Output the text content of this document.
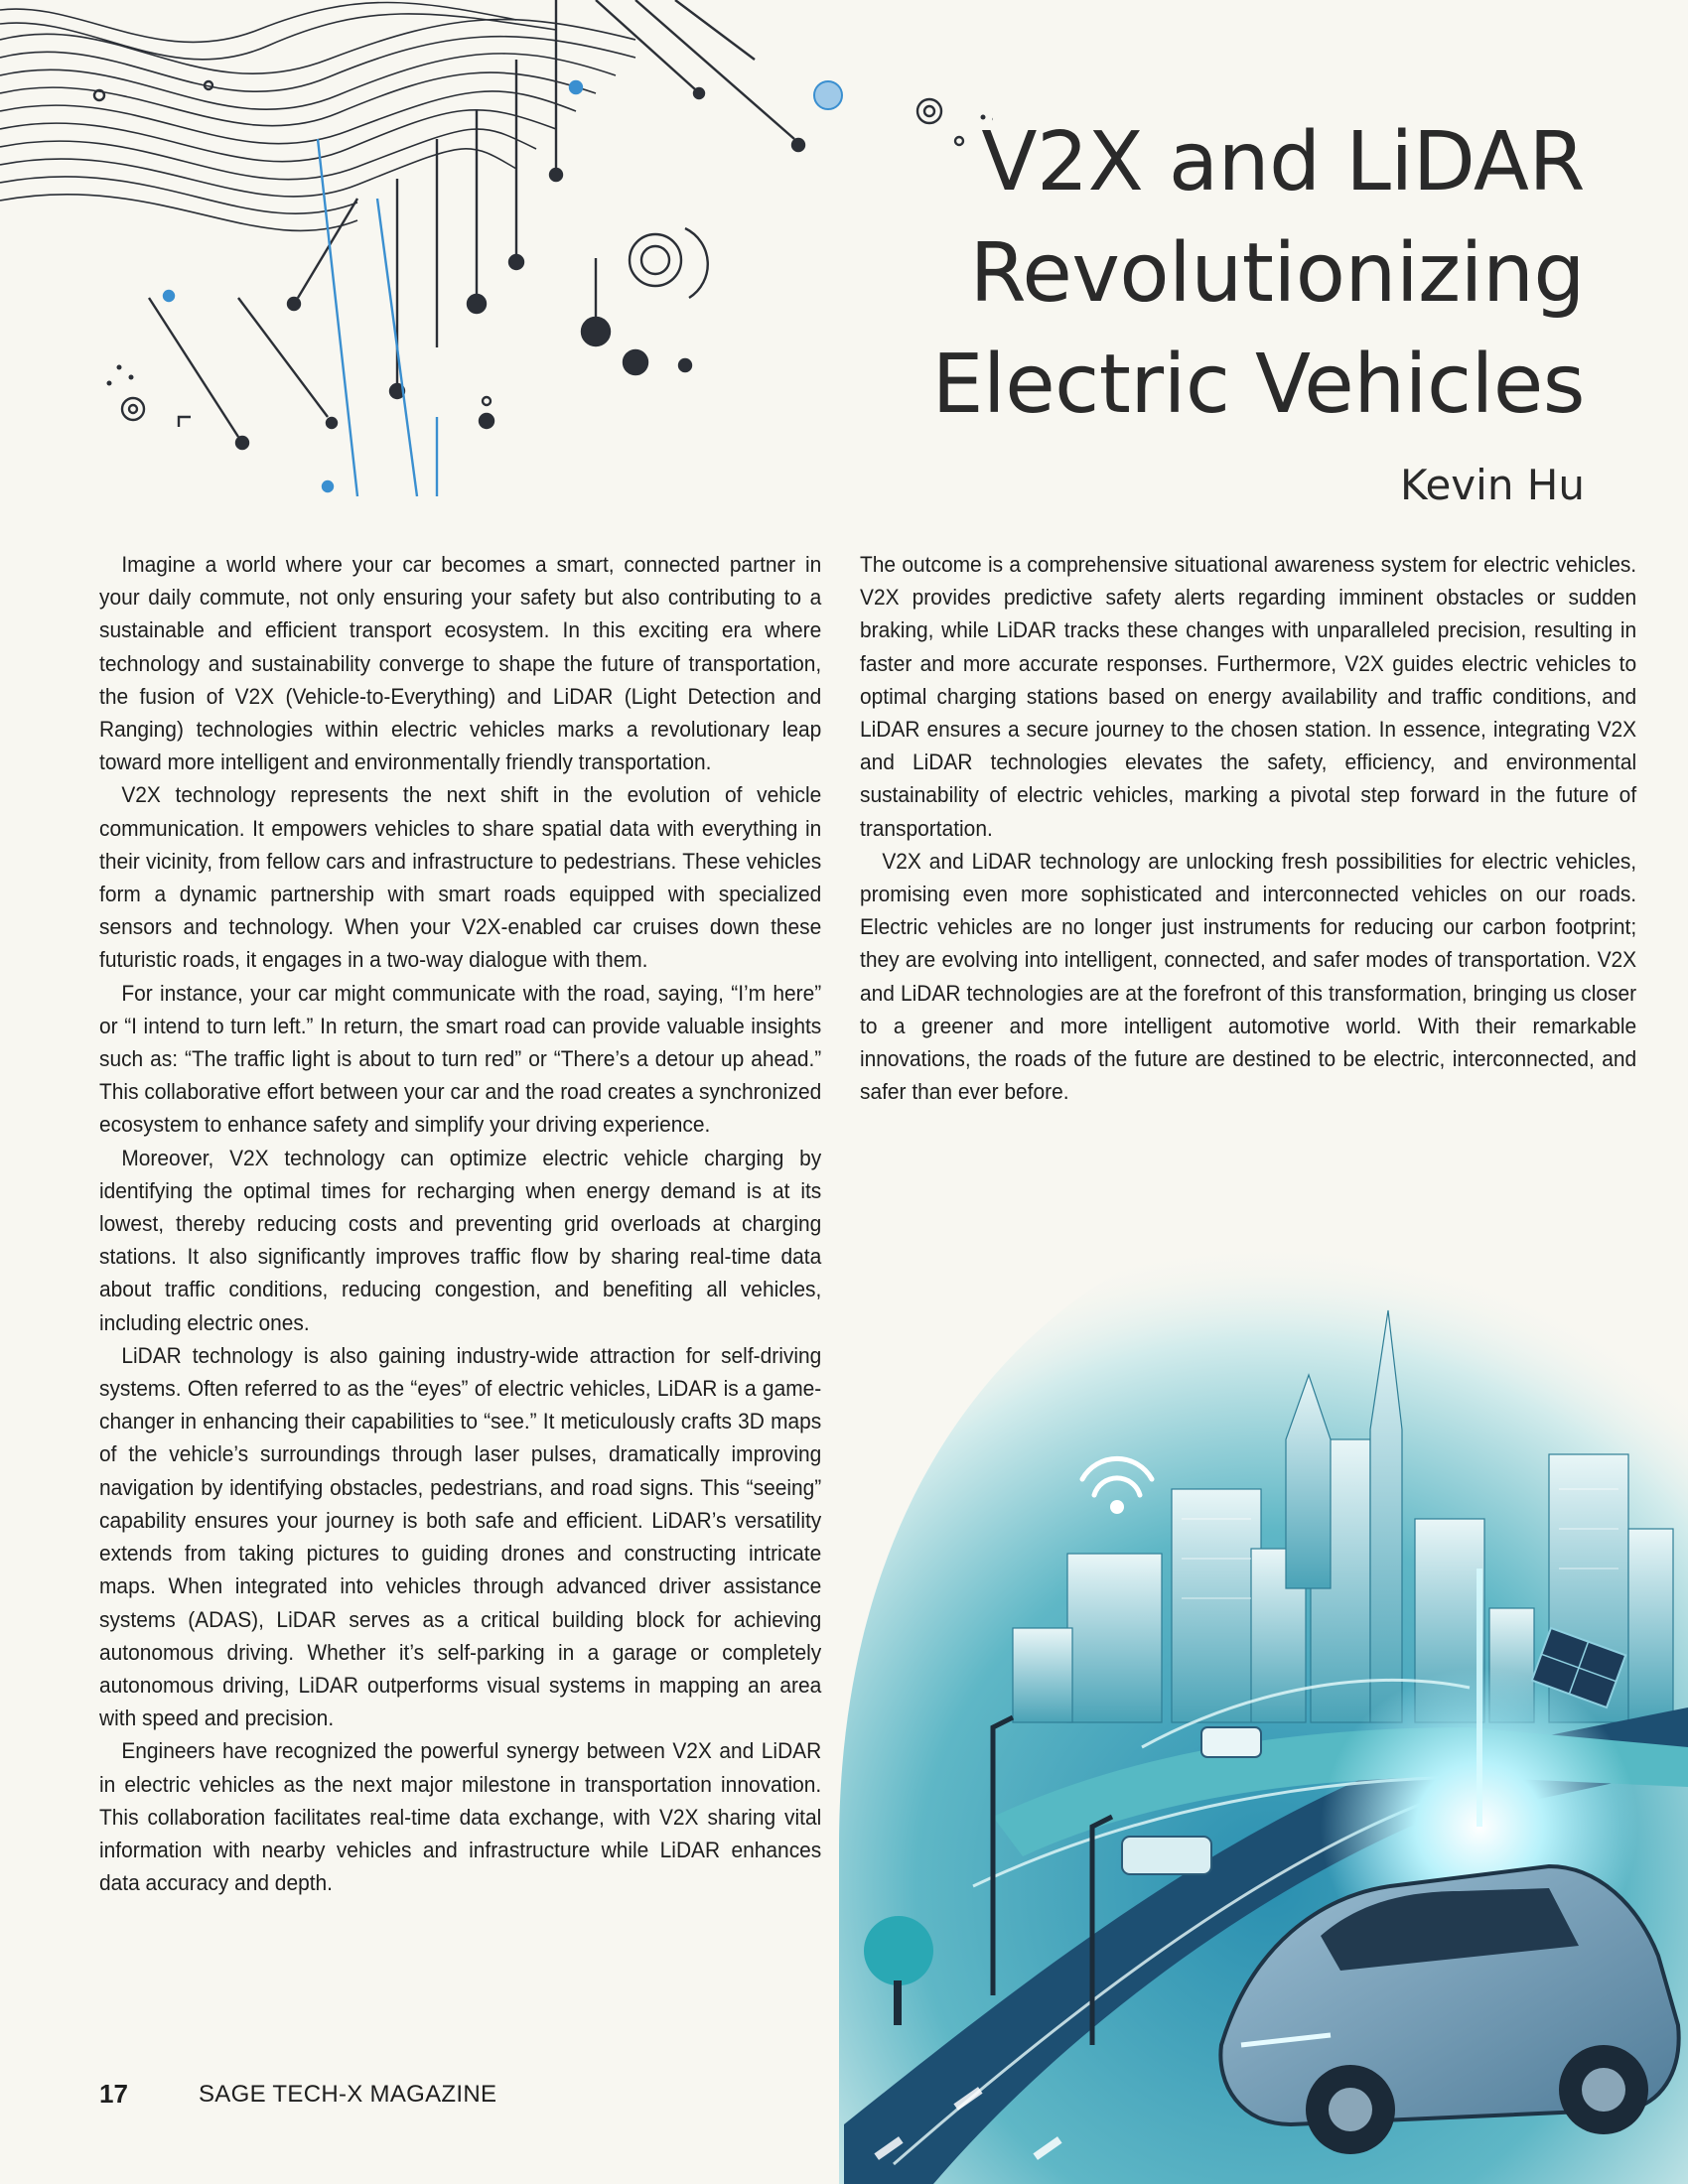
V2X and LiDAR
Revolutionizing
Electric Vehicles
Kevin Hu

Imagine a world where your car becomes a smart, connected partner in your daily commute, not only ensuring your safety but also contributing to a sustainable and efficient transport ecosystem. In this exciting era where technology and sustainability converge to shape the future of transportation, the fusion of V2X (Vehicle-to-Everything) and LiDAR (Light Detection and Ranging) technologies within electric vehicles marks a revolutionary leap toward more intelligent and environmentally friendly transportation.

V2X technology represents the next shift in the evolution of vehicle communication. It empowers vehicles to share spatial data with everything in their vicinity, from fellow cars and infrastructure to pedestrians. These vehicles form a dynamic partnership with smart roads equipped with specialized sensors and technology. When your V2X-enabled car cruises down these futuristic roads, it engages in a two-way dialogue with them.

For instance, your car might communicate with the road, saying, “I’m here” or “I intend to turn left.” In return, the smart road can provide valuable insights such as: “The traffic light is about to turn red” or “There’s a detour up ahead.” This collaborative effort between your car and the road creates a synchronized ecosystem to enhance safety and simplify your driving experience.

Moreover, V2X technology can optimize electric vehicle charging by identifying the optimal times for recharging when energy demand is at its lowest, thereby reducing costs and preventing grid overloads at charging stations. It also significantly improves traffic flow by sharing real-time data about traffic conditions, reducing congestion, and benefiting all vehicles, including electric ones.

LiDAR technology is also gaining industry-wide attraction for self-driving systems. Often referred to as the “eyes” of electric vehicles, LiDAR is a game-changer in enhancing their capabilities to “see.” It meticulously crafts 3D maps of the vehicle’s surroundings through laser pulses, dramatically improving navigation by identifying obstacles, pedestrians, and road signs. This “seeing” capability ensures your journey is both safe and efficient. LiDAR’s versatility extends from taking pictures to guiding drones and constructing intricate maps. When integrated into vehicles through advanced driver assistance systems (ADAS), LiDAR serves as a critical building block for achieving autonomous driving. Whether it’s self-parking in a garage or completely autonomous driving, LiDAR outperforms visual systems in mapping an area with speed and precision.

Engineers have recognized the powerful synergy between V2X and LiDAR in electric vehicles as the next major milestone in transportation innovation. This collaboration facilitates real-time data exchange, with V2X sharing vital information with nearby vehicles and infrastructure while LiDAR enhances data accuracy and depth.

The outcome is a comprehensive situational awareness system for electric vehicles. V2X provides predictive safety alerts regarding imminent obstacles or sudden braking, while LiDAR tracks these changes with unparalleled precision, resulting in faster and more accurate responses. Furthermore, V2X guides electric vehicles to optimal charging stations based on energy availability and traffic conditions, and LiDAR ensures a secure journey to the chosen station. In essence, integrating V2X and LiDAR technologies elevates the safety, efficiency, and environmental sustainability of electric vehicles, marking a pivotal step forward in the future of transportation.

V2X and LiDAR technology are unlocking fresh possibilities for electric vehicles, promising even more sophisticated and interconnected vehicles on our roads. Electric vehicles are no longer just instruments for reducing our carbon footprint; they are evolving into intelligent, connected, and safer modes of transportation. V2X and LiDAR technologies are at the forefront of this transformation, bringing us closer to a greener and more intelligent automotive world. With their remarkable innovations, the roads of the future are destined to be electric, interconnected, and safer than ever before.

17	SAGE TECH-X MAGAZINE
